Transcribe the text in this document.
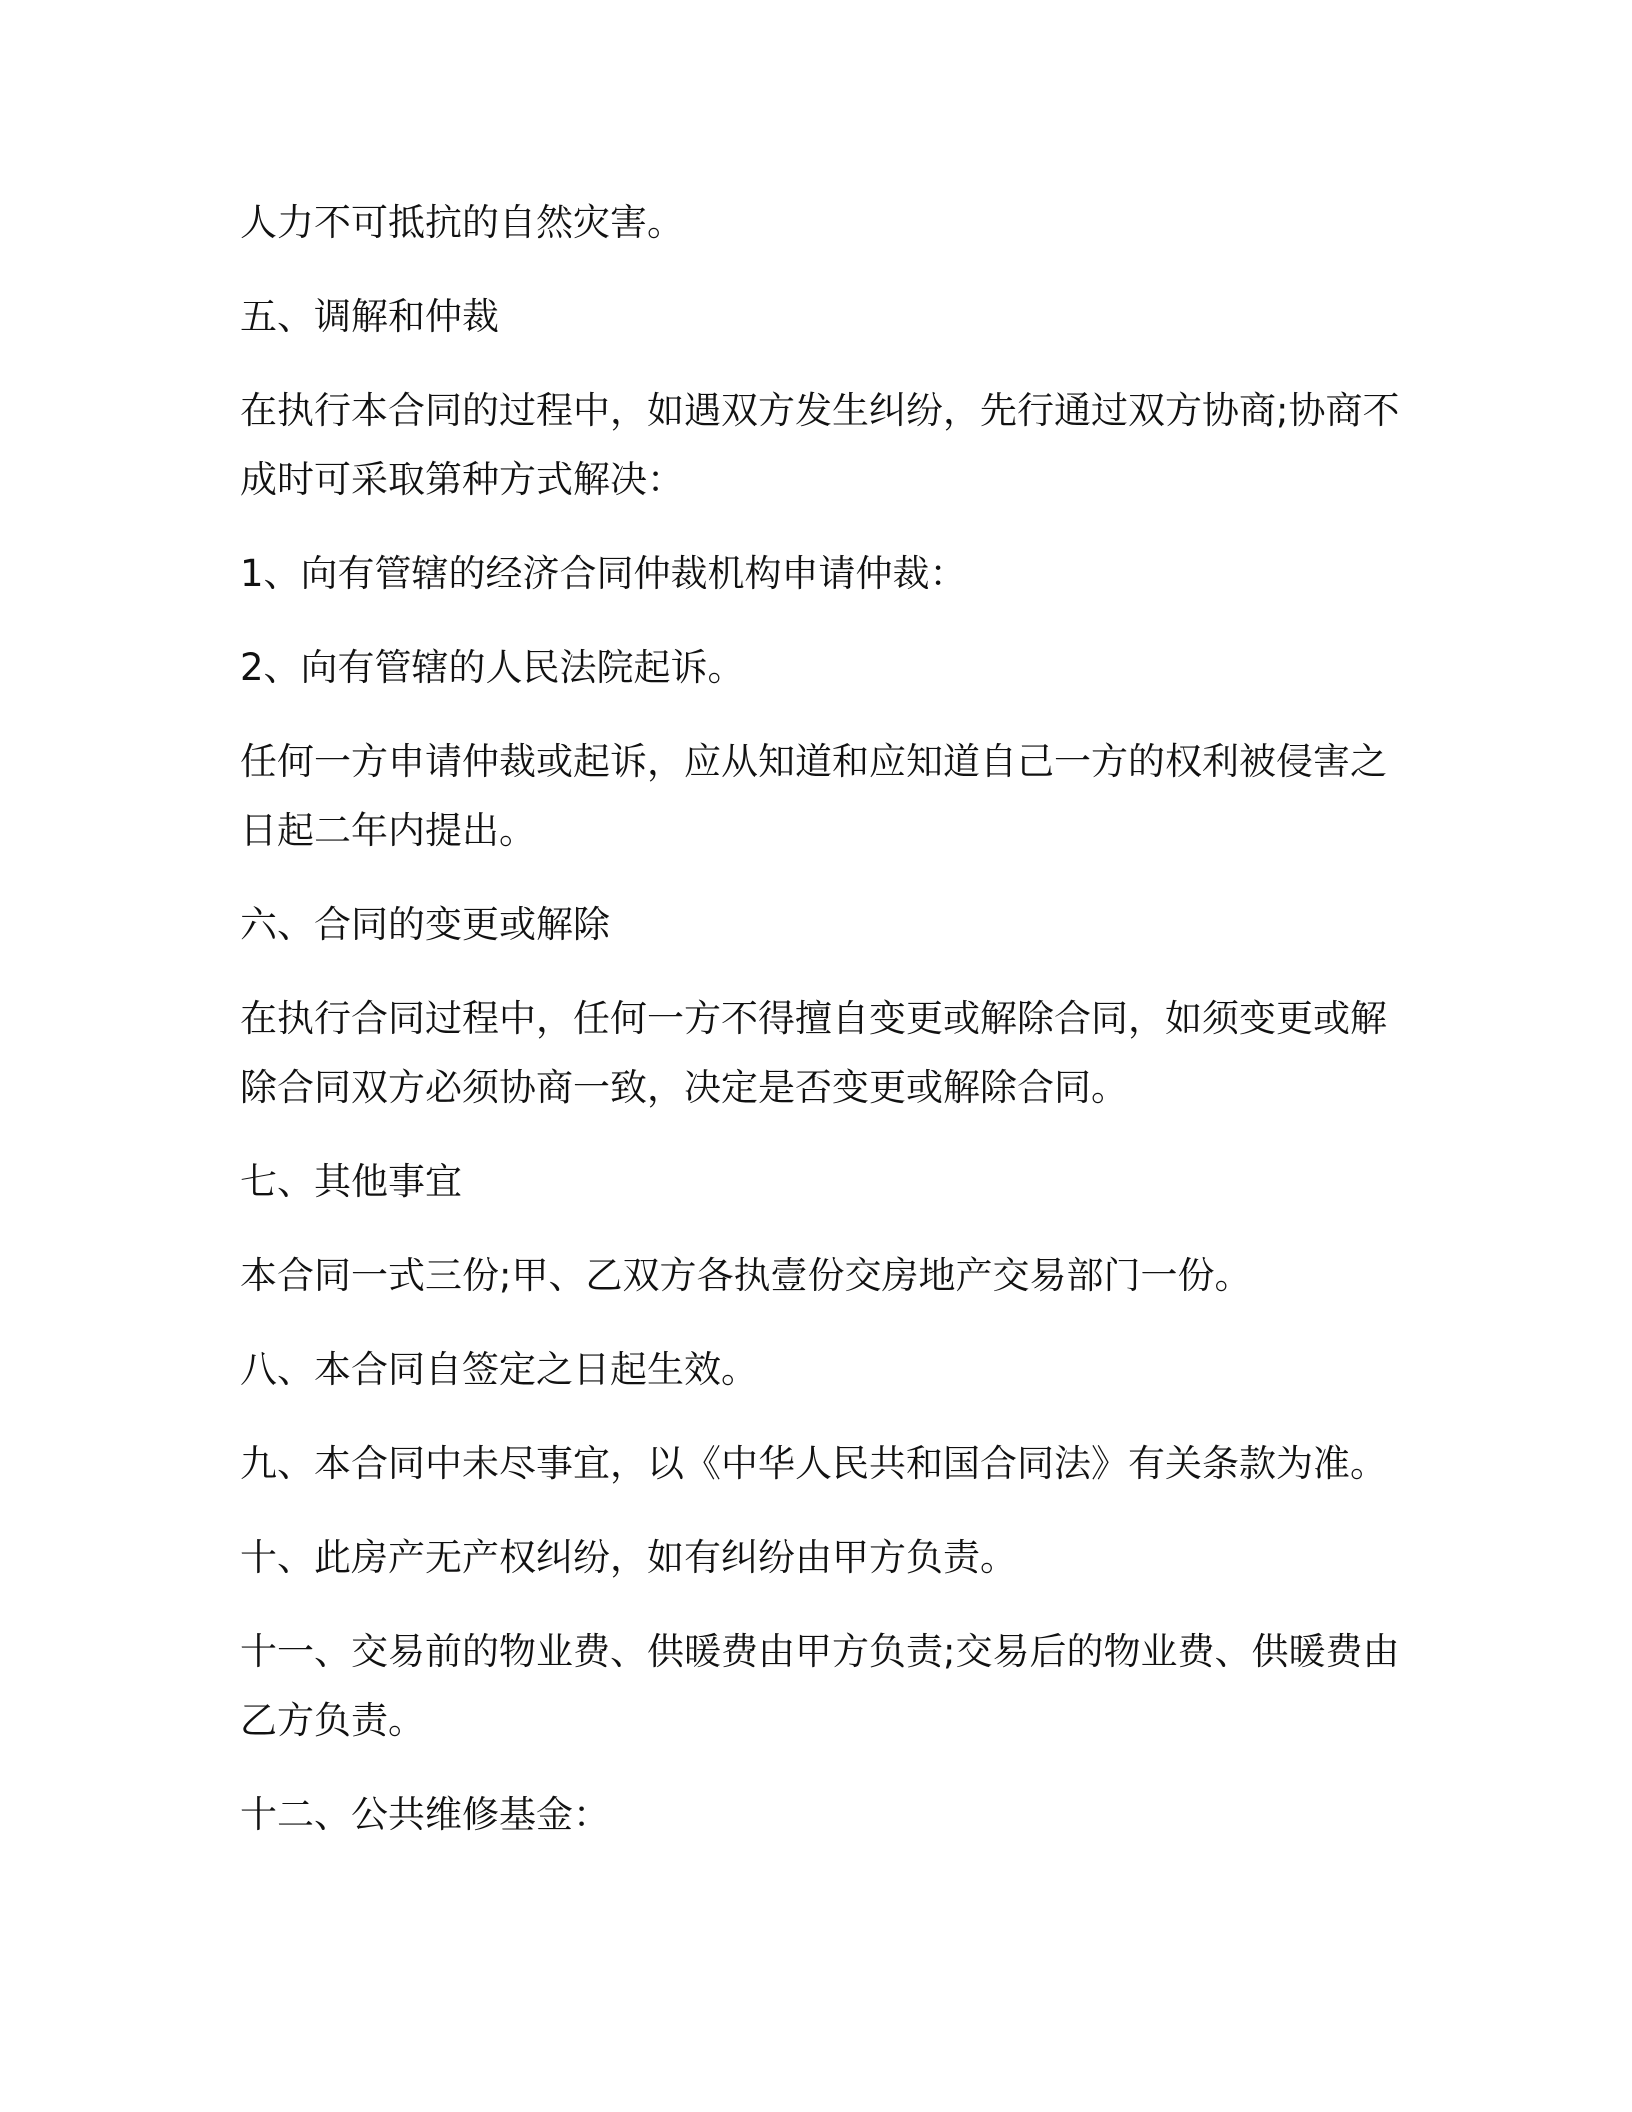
人力不可抵抗的自然灾害。

五、调解和仲裁

在执行本合同的过程中，如遇双方发生纠纷，先行通过双方协商;协商不成时可采取第种方式解决：

1、向有管辖的经济合同仲裁机构申请仲裁：

2、向有管辖的人民法院起诉。

任何一方申请仲裁或起诉，应从知道和应知道自己一方的权利被侵害之日起二年内提出。

六、合同的变更或解除

在执行合同过程中，任何一方不得擅自变更或解除合同，如须变更或解除合同双方必须协商一致，决定是否变更或解除合同。

七、其他事宜

本合同一式三份;甲、乙双方各执壹份交房地产交易部门一份。

八、本合同自签定之日起生效。

九、本合同中未尽事宜，以《中华人民共和国合同法》有关条款为准。

十、此房产无产权纠纷，如有纠纷由甲方负责。

十一、交易前的物业费、供暖费由甲方负责;交易后的物业费、供暖费由乙方负责。

十二、公共维修基金：
